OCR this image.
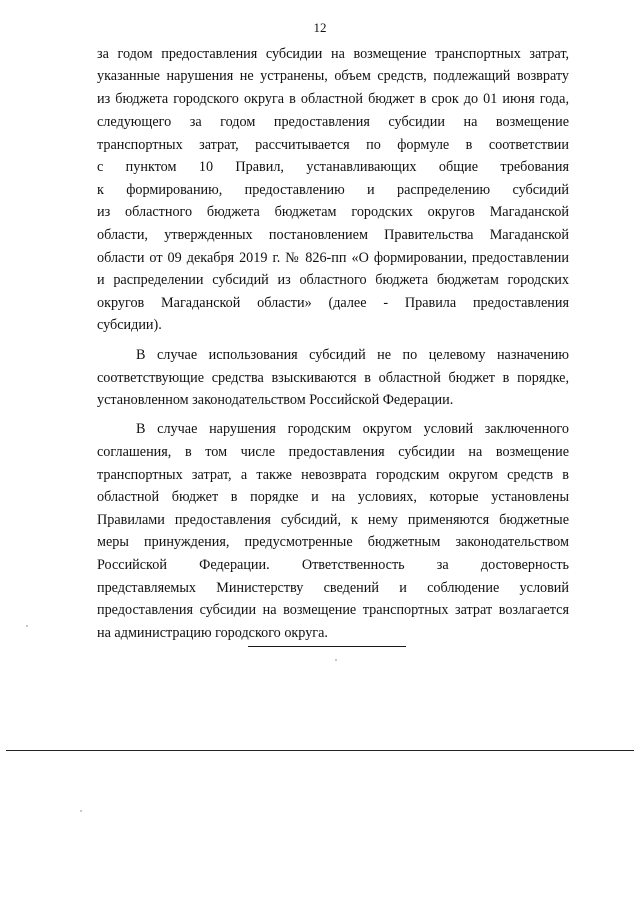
12
за годом предоставления субсидии на возмещение транспортных затрат,
указанные нарушения не устранены, объем средств, подлежащий возврату
из бюджета городского округа в областной бюджет в срок до 01 июня года,
следующего за годом предоставления субсидии на возмещение
транспортных затрат, рассчитывается по формуле в соответствии
с пунктом 10 Правил, устанавливающих общие требования
к формированию, предоставлению и распределению субсидий
из областного бюджета бюджетам городских округов Магаданской
области, утвержденных постановлением Правительства Магаданской
области от 09 декабря 2019 г. № 826-пп «О формировании, предоставлении
и распределении субсидий из областного бюджета бюджетам городских
округов Магаданской области» (далее - Правила предоставления
субсидии).
В случае использования субсидий не по целевому назначению
соответствующие средства взыскиваются в областной бюджет в порядке,
установленном законодательством Российской Федерации.
В случае нарушения городским округом условий заключенного
соглашения, в том числе предоставления субсидии на возмещение
транспортных затрат, а также невозврата городским округом средств в
областной бюджет в порядке и на условиях, которые установлены
Правилами предоставления субсидий, к нему применяются бюджетные
меры принуждения, предусмотренные бюджетным законодательством
Российской Федерации. Ответственность за достоверность
представляемых Министерству сведений и соблюдение условий
предоставления субсидии на возмещение транспортных затрат возлагается
на администрацию городского округа.
